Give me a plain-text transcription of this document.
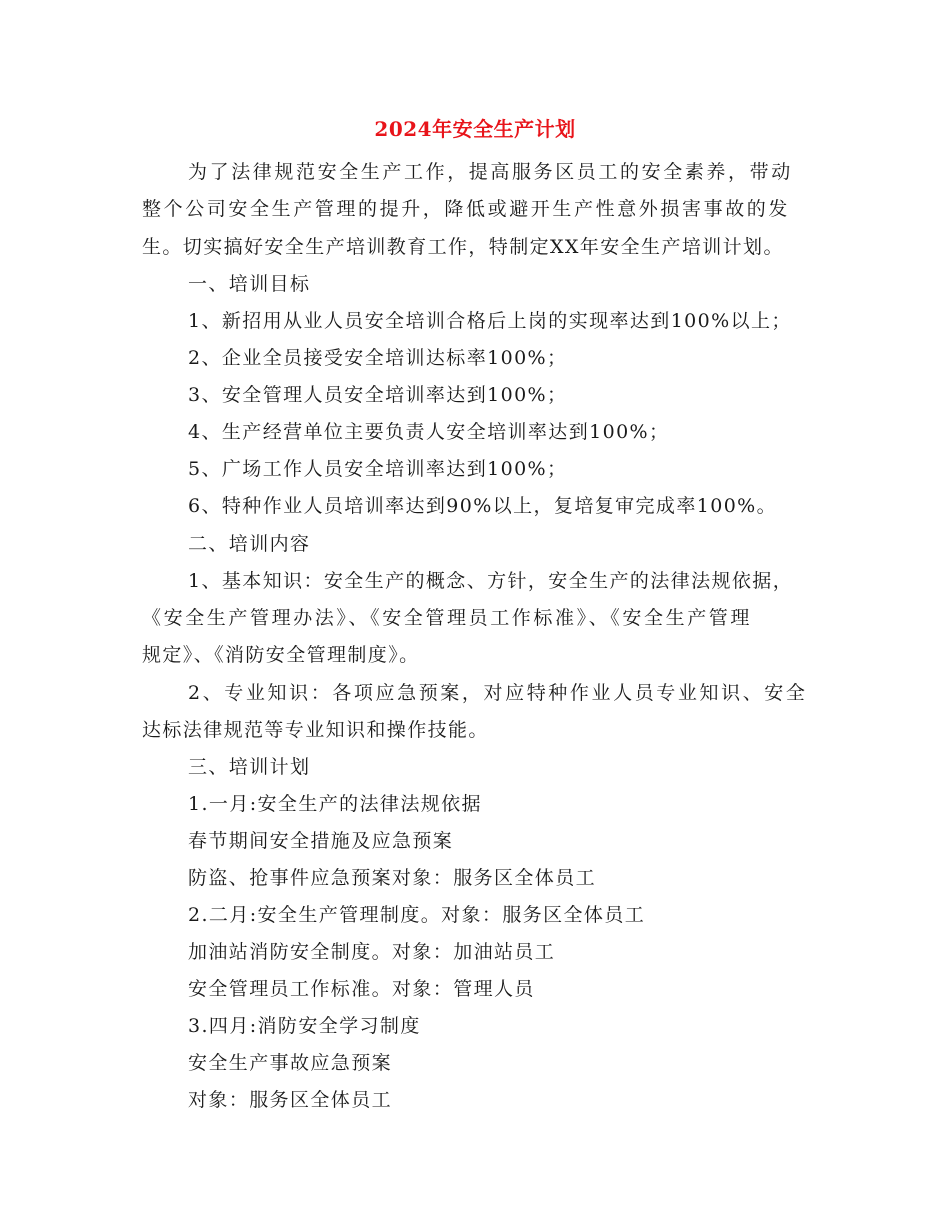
2024年安全生产计划
为了法律规范安全生产工作，提高服务区员工的安全素养，带动
整个公司安全生产管理的提升，降低或避开生产性意外损害事故的发
生。切实搞好安全生产培训教育工作，特制定XX年安全生产培训计划。
一、培训目标
1、新招用从业人员安全培训合格后上岗的实现率达到100%以上；
2、企业全员接受安全培训达标率100%；
3、安全管理人员安全培训率达到100%；
4、生产经营单位主要负责人安全培训率达到100%；
5、广场工作人员安全培训率达到100%；
6、特种作业人员培训率达到90%以上，复培复审完成率100%。
二、培训内容
1、基本知识：安全生产的概念、方针，安全生产的法律法规依据，
《安全生产管理办法》、《安全管理员工作标准》、《安全生产管理
规定》、《消防安全管理制度》。
2、专业知识：各项应急预案，对应特种作业人员专业知识、安全
达标法律规范等专业知识和操作技能。
三、培训计划
1.一月:安全生产的法律法规依据
春节期间安全措施及应急预案
防盗、抢事件应急预案对象：服务区全体员工
2.二月:安全生产管理制度。对象：服务区全体员工
加油站消防安全制度。对象：加油站员工
安全管理员工作标准。对象：管理人员
3.四月:消防安全学习制度
安全生产事故应急预案
对象：服务区全体员工
